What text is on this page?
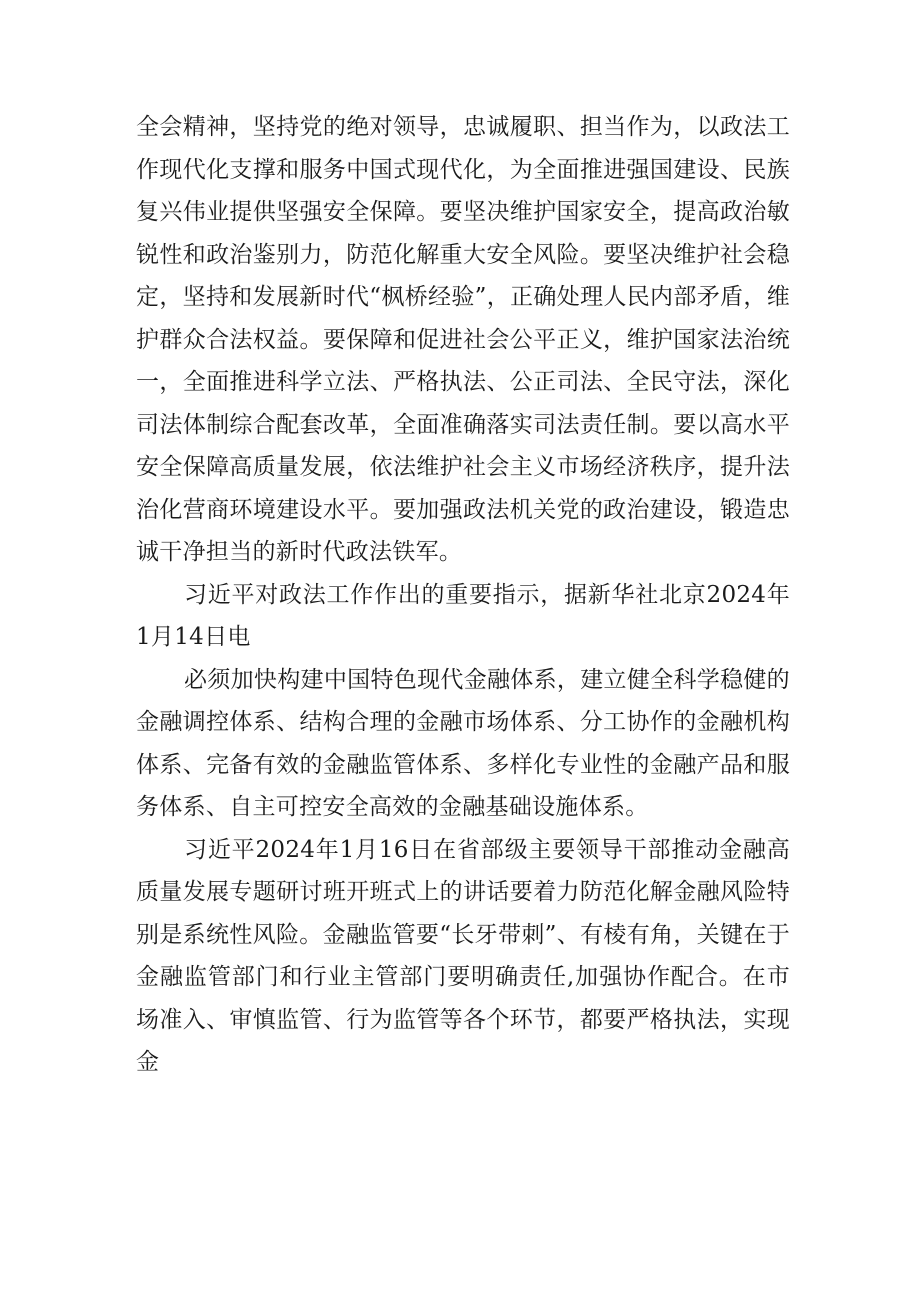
全会精神，坚持党的绝对领导，忠诚履职、担当作为，以政法工作现代化支撑和服务中国式现代化，为全面推进强国建设、民族复兴伟业提供坚强安全保障。要坚决维护国家安全，提高政治敏锐性和政治鉴别力，防范化解重大安全风险。要坚决维护社会稳定，坚持和发展新时代“枫桥经验”，正确处理人民内部矛盾，维护群众合法权益。要保障和促进社会公平正义，维护国家法治统一，全面推进科学立法、严格执法、公正司法、全民守法，深化司法体制综合配套改革，全面准确落实司法责任制。要以高水平安全保障高质量发展，依法维护社会主义市场经济秩序，提升法治化营商环境建设水平。要加强政法机关党的政治建设，锻造忠诚干净担当的新时代政法铁军。

习近平对政法工作作出的重要指示，据新华社北京2024年1月14日电

必须加快构建中国特色现代金融体系，建立健全科学稳健的金融调控体系、结构合理的金融市场体系、分工协作的金融机构体系、完备有效的金融监管体系、多样化专业性的金融产品和服务体系、自主可控安全高效的金融基础设施体系。

习近平2024年1月16日在省部级主要领导干部推动金融高质量发展专题研讨班开班式上的讲话要着力防范化解金融风险特别是系统性风险。金融监管要“长牙带刺”、有棱有角，关键在于金融监管部门和行业主管部门要明确责任,加强协作配合。在市场准入、审慎监管、行为监管等各个环节，都要严格执法，实现金
